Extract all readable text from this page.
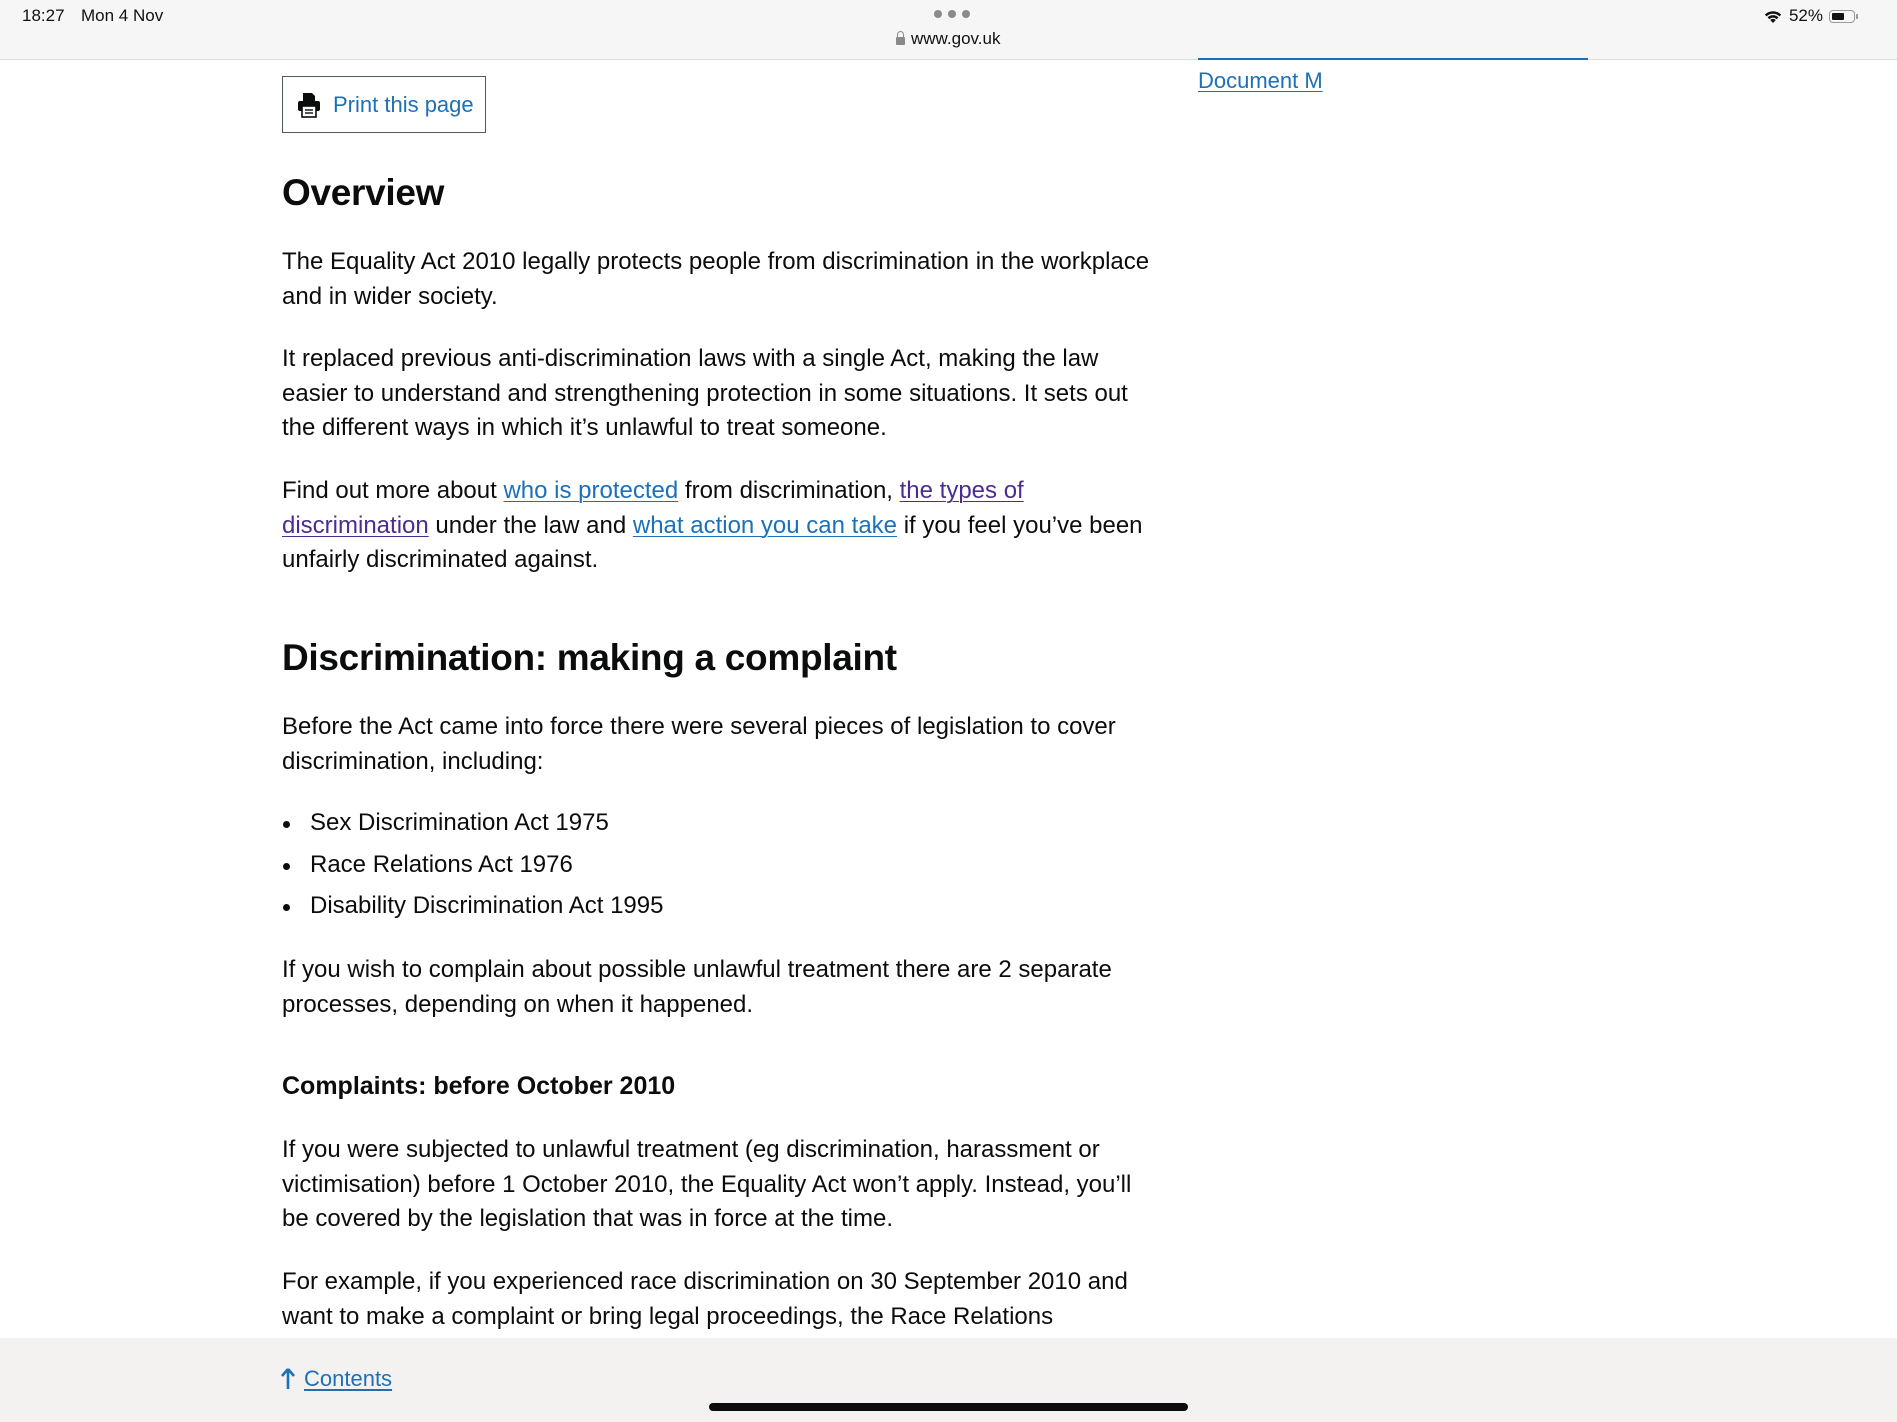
18:27 Mon 4 Nov
www.gov.uk
52%
Document M
Print this page
Overview

The Equality Act 2010 legally protects people from discrimination in the workplace and in wider society.

It replaced previous anti-discrimination laws with a single Act, making the law easier to understand and strengthening protection in some situations. It sets out the different ways in which it’s unlawful to treat someone.

Find out more about who is protected from discrimination, the types of discrimination under the law and what action you can take if you feel you’ve been unfairly discriminated against.

Discrimination: making a complaint

Before the Act came into force there were several pieces of legislation to cover discrimination, including:

Sex Discrimination Act 1975
Race Relations Act 1976
Disability Discrimination Act 1995

If you wish to complain about possible unlawful treatment there are 2 separate processes, depending on when it happened.

Complaints: before October 2010

If you were subjected to unlawful treatment (eg discrimination, harassment or victimisation) before 1 October 2010, the Equality Act won’t apply. Instead, you’ll be covered by the legislation that was in force at the time.

For example, if you experienced race discrimination on 30 September 2010 and want to make a complaint or bring legal proceedings, the Race Relations

Contents
